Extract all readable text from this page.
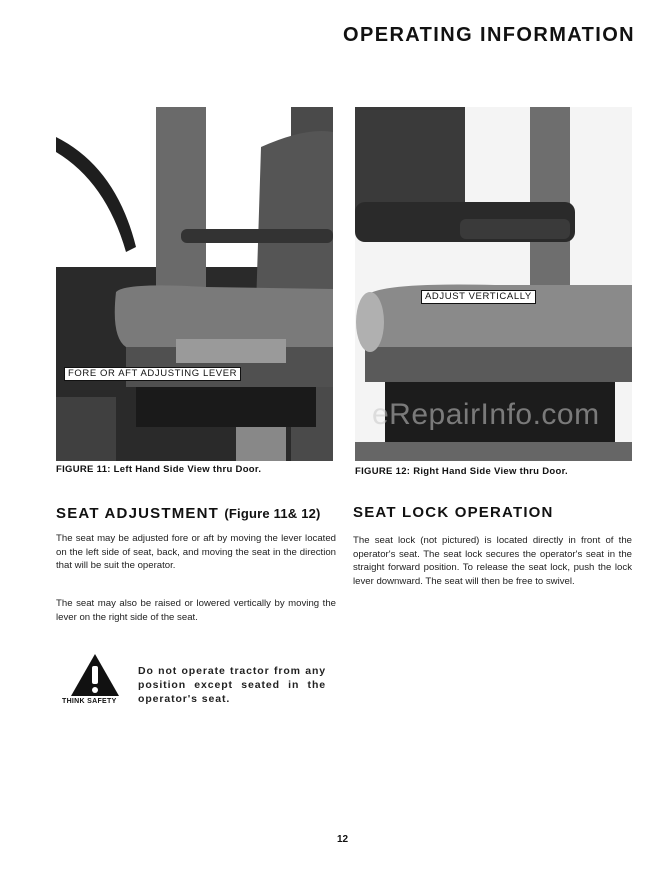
OPERATING INFORMATION
FORE OR AFT ADJUSTING LEVER
ADJUST VERTICALLY
eRepairInfo.com
FIGURE 11: Left Hand Side View thru Door.	FIGURE 12: Right Hand Side View thru Door.
SEAT ADJUSTMENT (Figure 11& 12)
The seat may be adjusted fore or aft by moving the lever located on the left side of seat, back, and moving the seat in the direction that will be suit the operator.
The seat may also be raised or lowered vertically by moving the lever on the right side of the seat.
THINK SAFETY
Do not operate tractor from any position except seated in the operator's seat.
SEAT LOCK OPERATION
The seat lock (not pictured) is located directly in front of the operator's seat. The seat lock secures the operator's seat in the straight forward position. To release the seat lock, push the lock lever downward. The seat will then be free to swivel.
12
